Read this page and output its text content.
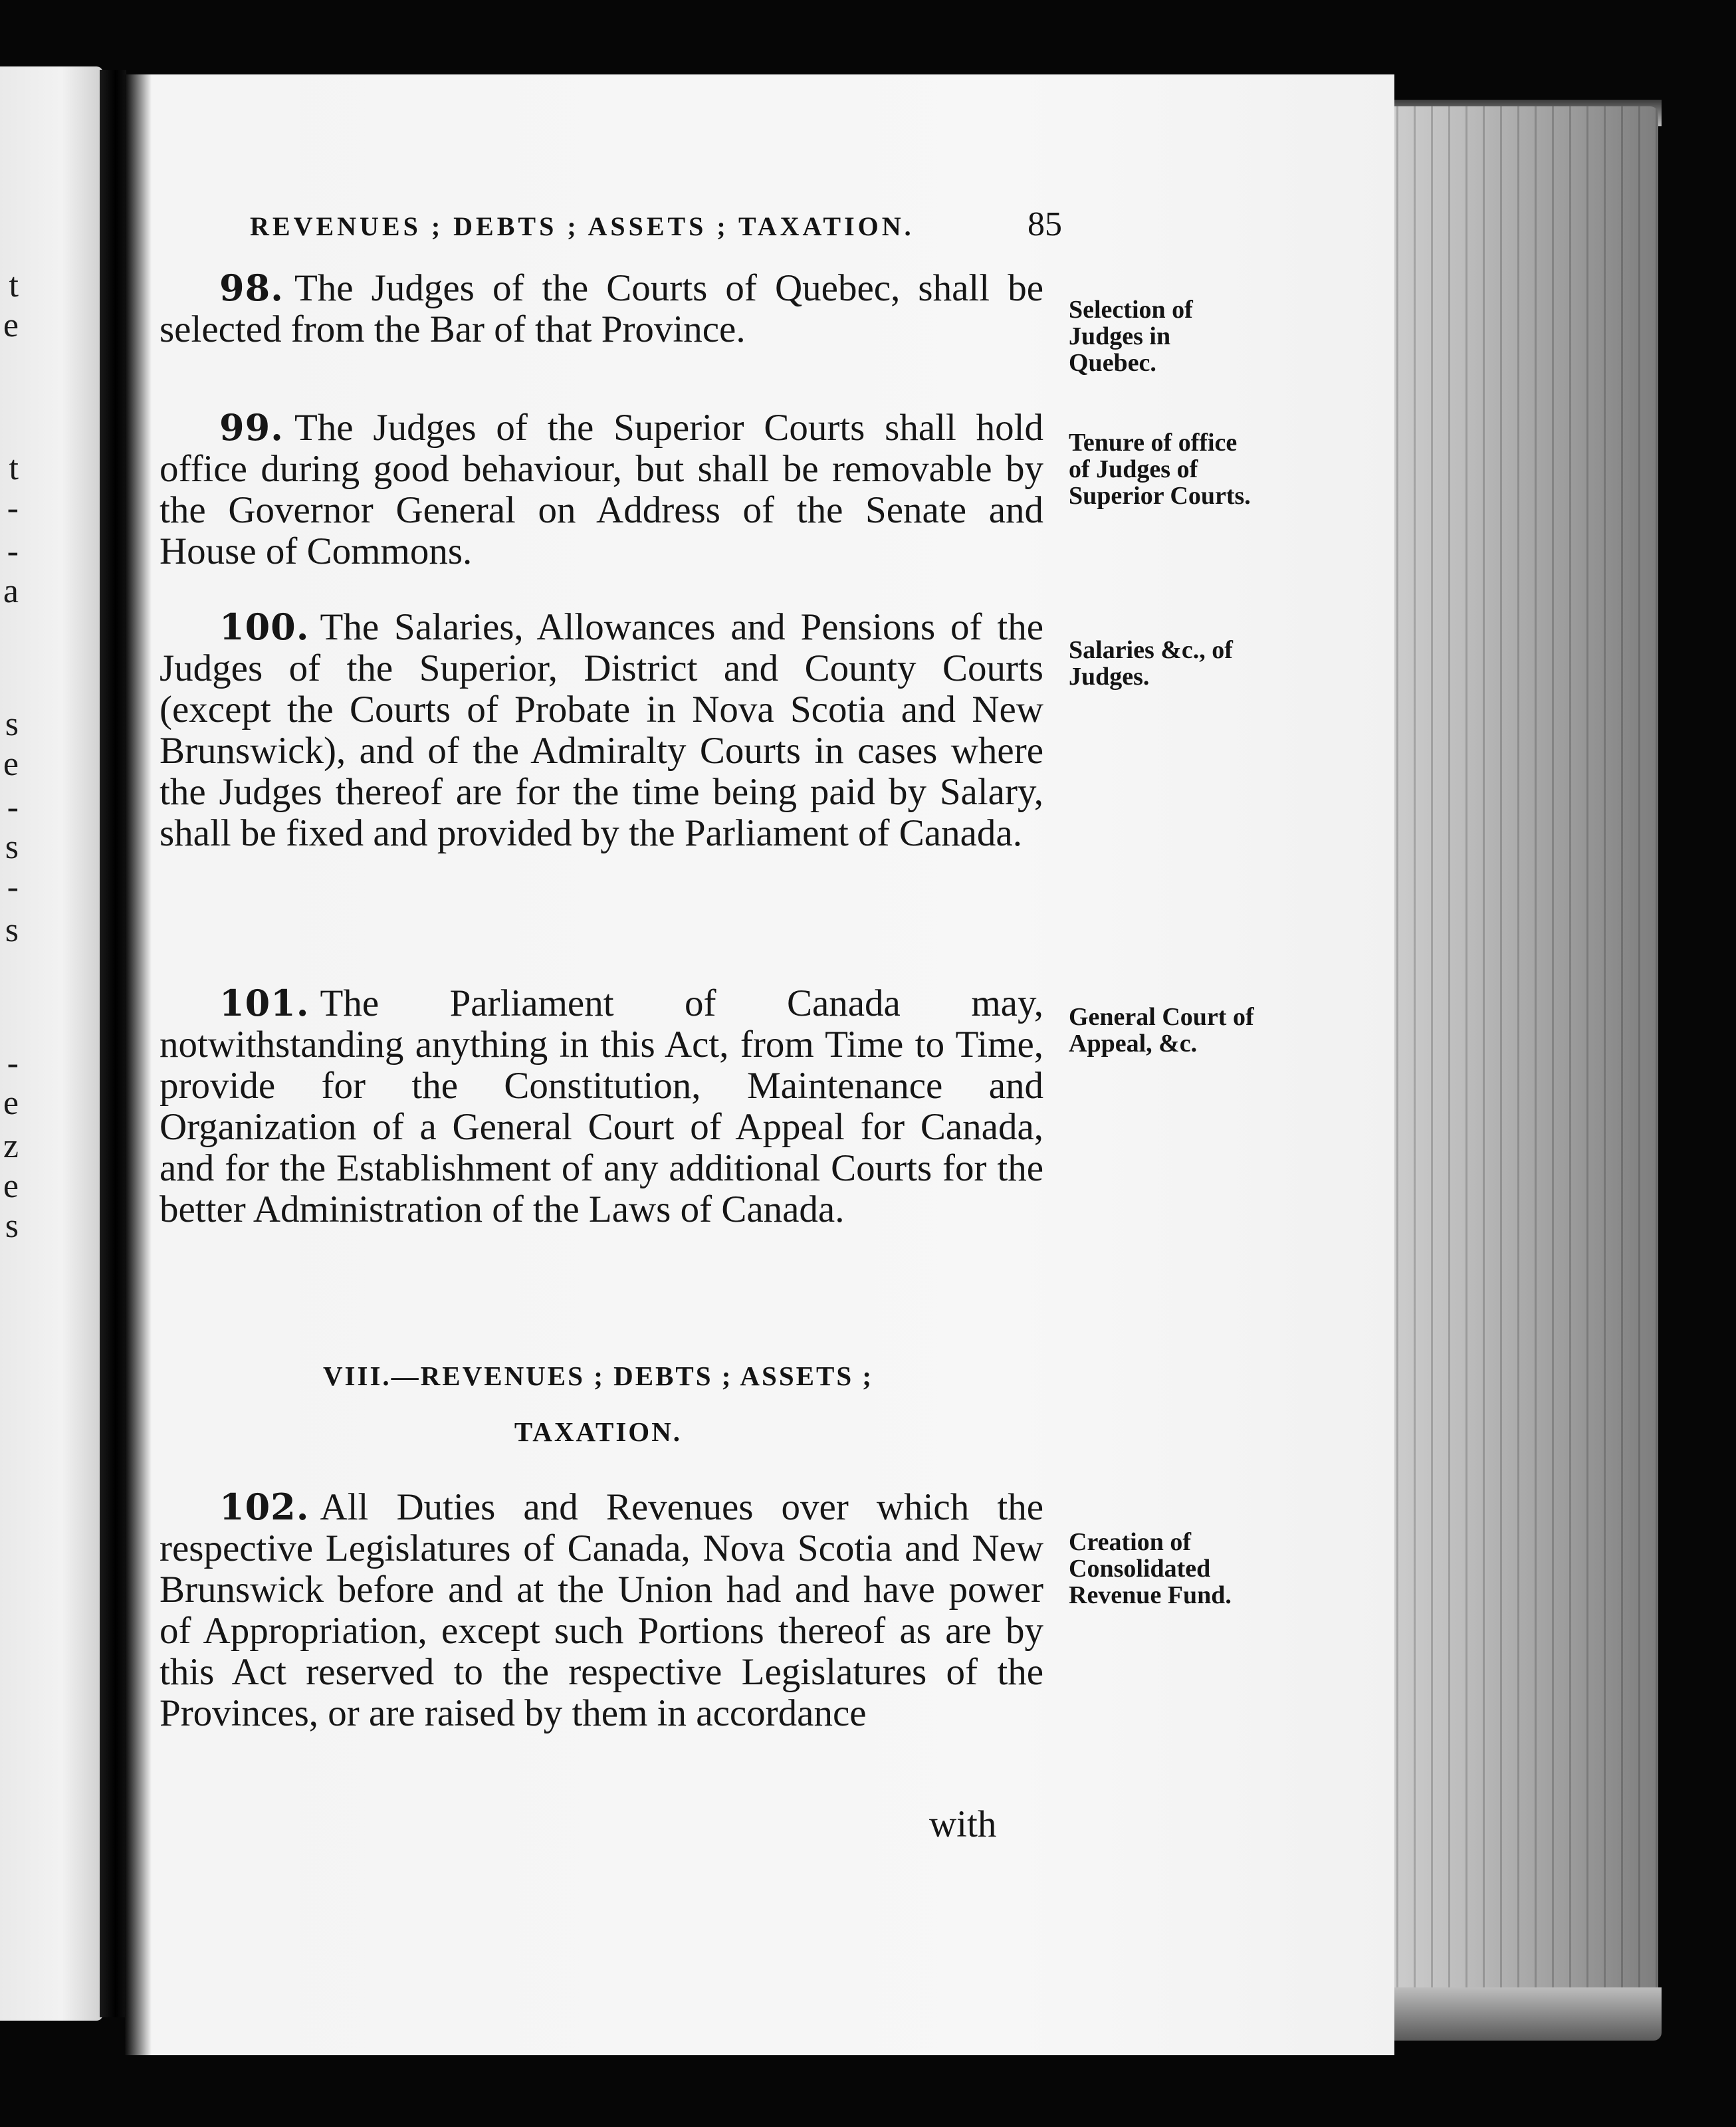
t
e
t
-
-
a
s
e
-
s
-
s
-
e
z
e
s
REVENUES ; DEBTS ; ASSETS ; TAXATION.	85
98. The Judges of the Courts of Quebec, shall be selected from the Bar of that Province.	Selection of Judges in Quebec.
99. The Judges of the Superior Courts shall hold office during good behaviour, but shall be removable by the Governor General on Address of the Senate and House of Commons.
Tenure of office of Judges of Superior Courts.
100. The Salaries, Allowances and Pensions of the Judges of the Superior, District and County Courts (except the Courts of Probate in Nova Scotia and New Brunswick), and of the Admiralty Courts in cases where the Judges thereof are for the time being paid by Salary, shall be fixed and provided by the Parliament of Canada.
Salaries &c., of Judges.
101. The Parliament of Canada may, notwithstanding anything in this Act, from Time to Time, provide for the Constitution, Maintenance and Organization of a General Court of Appeal for Canada, and for the Establishment of any additional Courts for the better Administration of the Laws of Canada.
General Court of Appeal, &c.
VIII.—REVENUES ; DEBTS ; ASSETS ;
TAXATION.
102. All Duties and Revenues over which the respective Legislatures of Canada, Nova Scotia and New Brunswick before and at the Union had and have power of Appropriation, except such Portions thereof as are by this Act reserved to the respective Legislatures of the Provinces, or are raised by them in accordance
Creation of Consolidated Revenue Fund.
with
